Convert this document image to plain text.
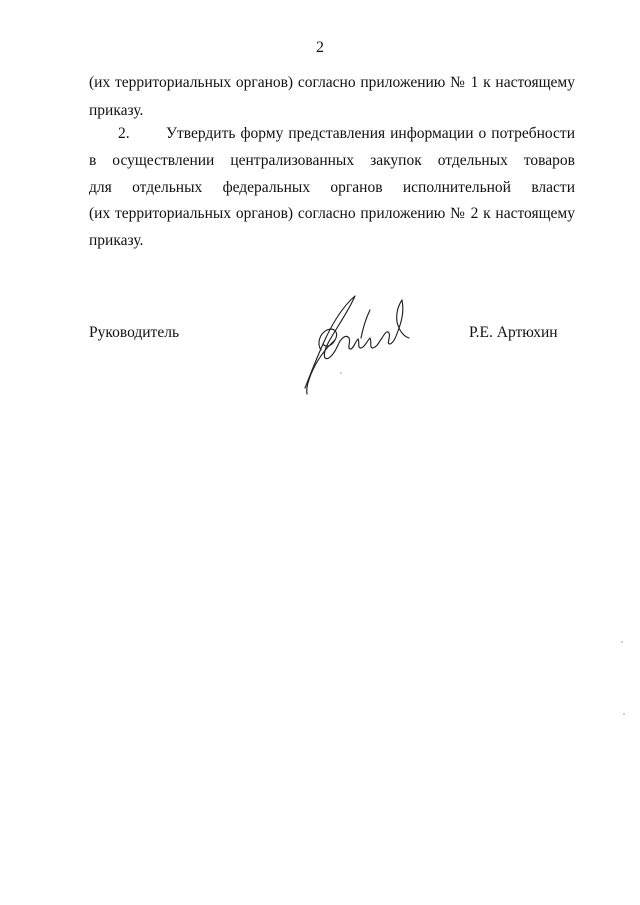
2
(их территориальных органов) согласно приложению № 1 к настоящему
приказу.
2. Утвердить форму представления информации о потребности
в осуществлении централизованных закупок отдельных товаров
для отдельных федеральных органов исполнительной власти
(их территориальных органов) согласно приложению № 2 к настоящему
приказу.
Руководитель	Р.Е. Артюхин
